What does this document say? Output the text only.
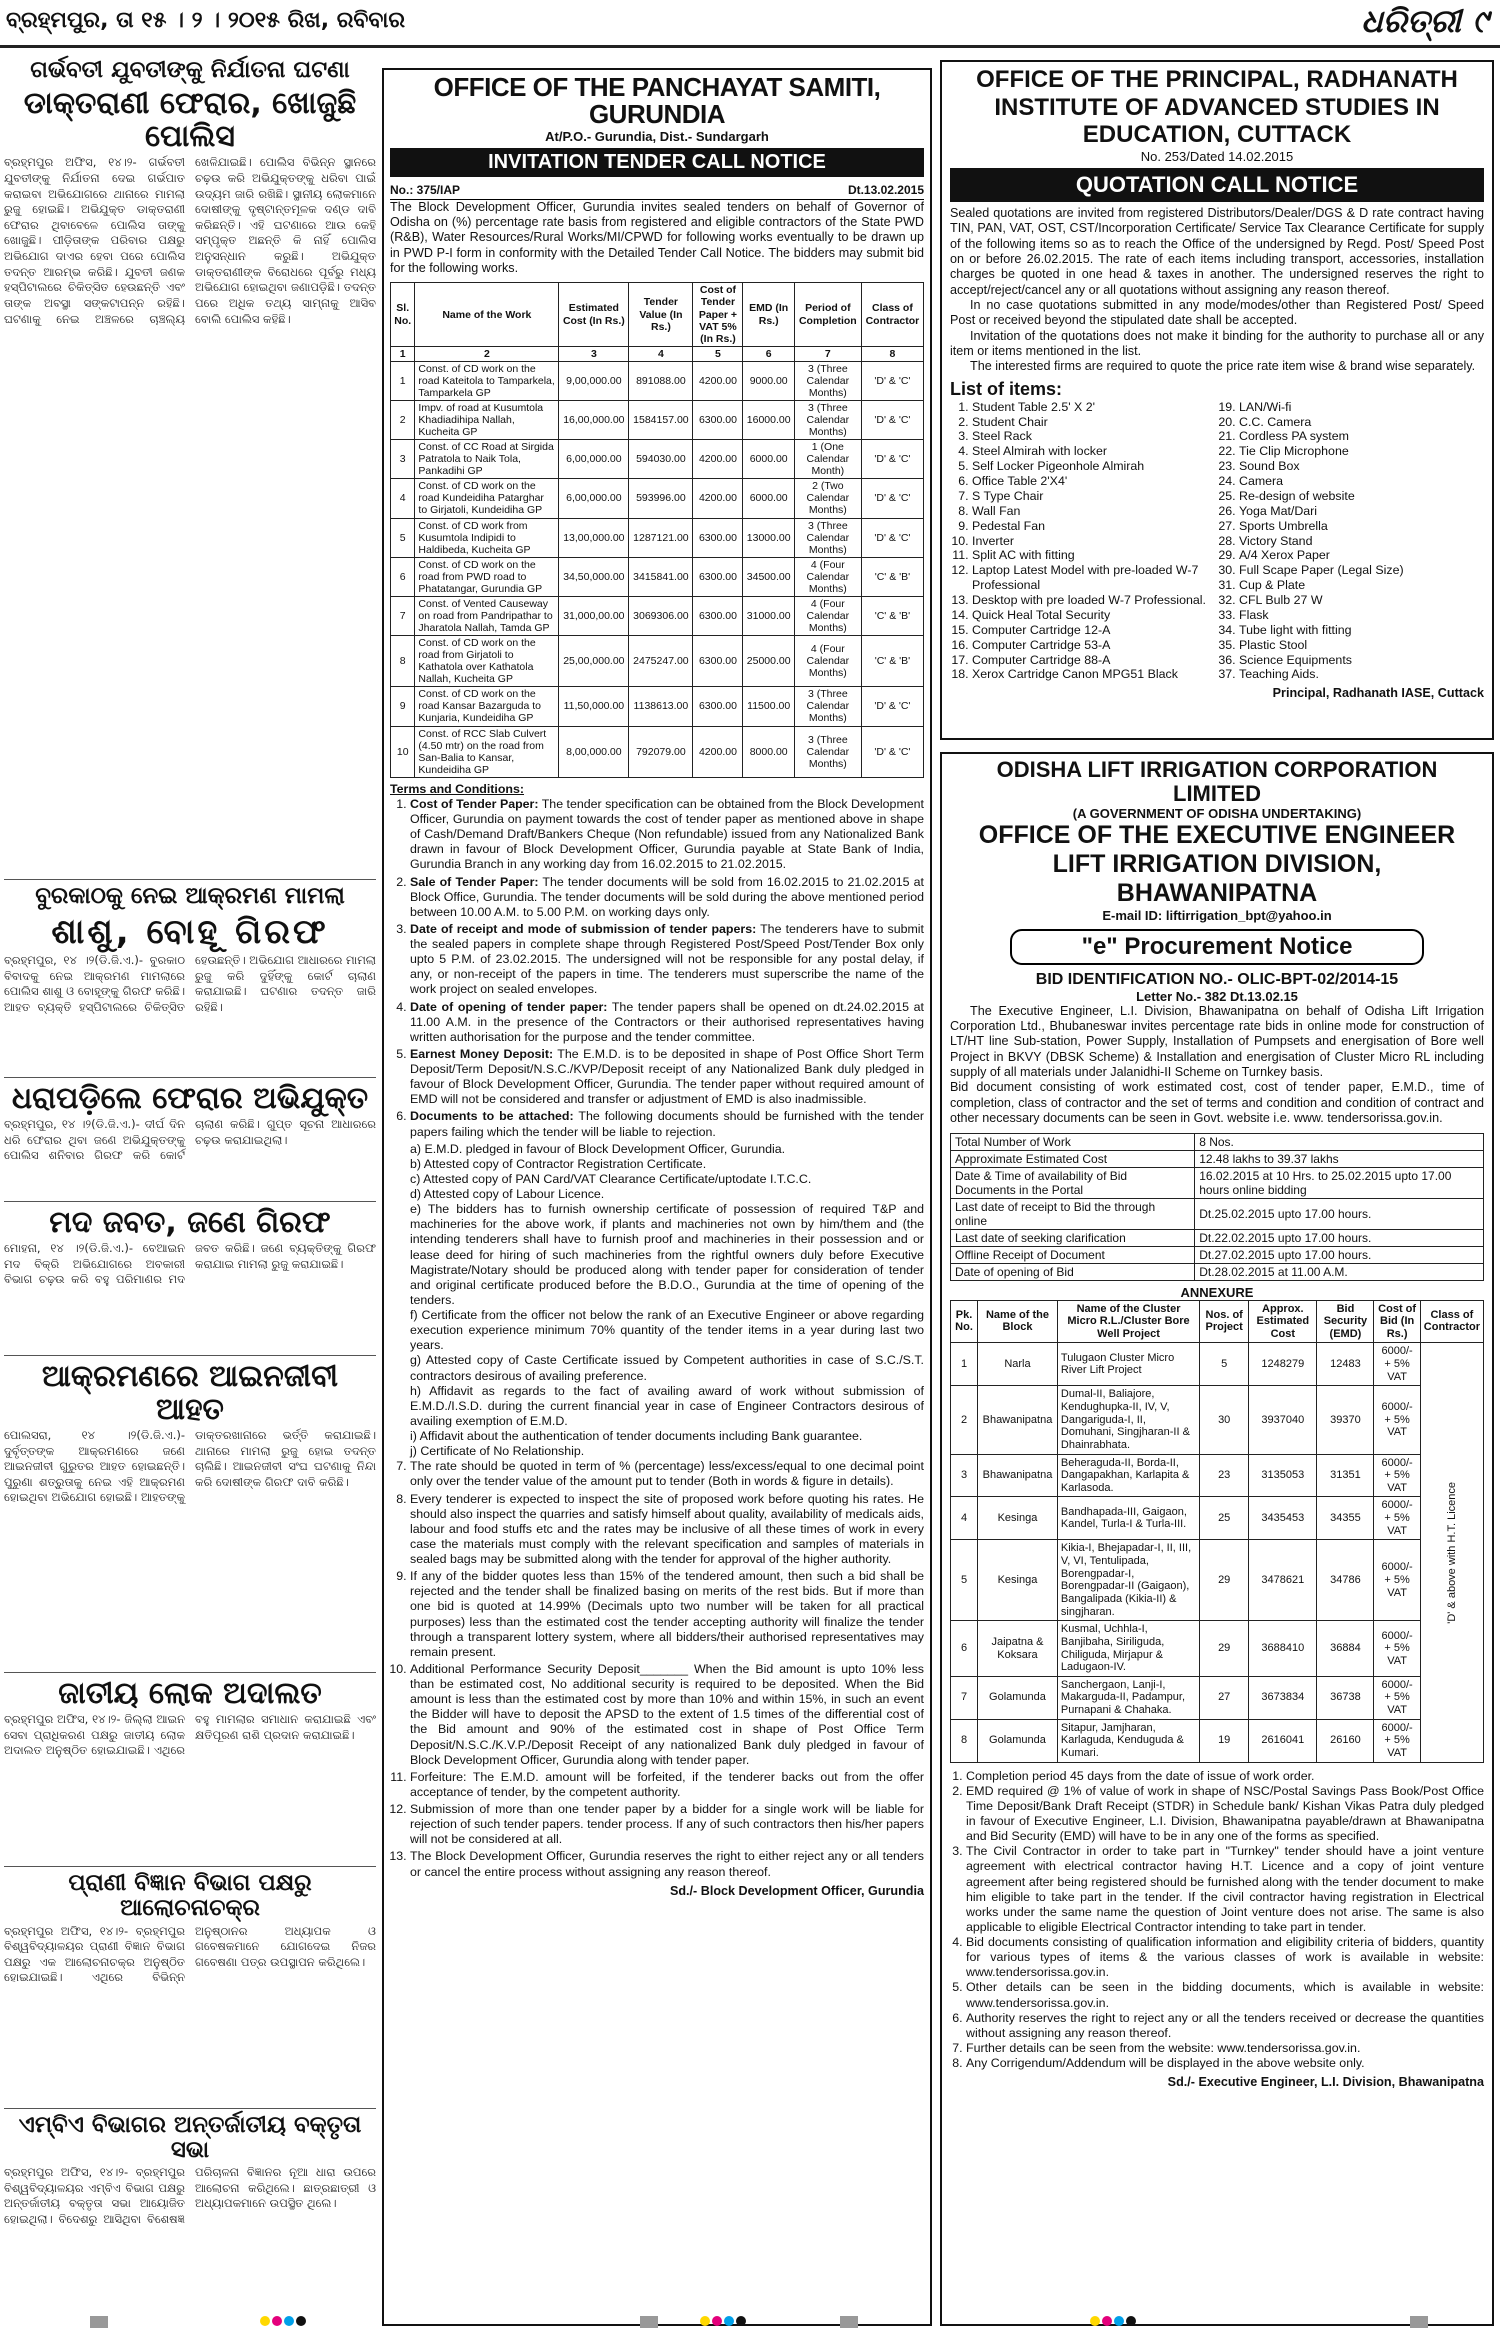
ବ୍ରହ୍ମପୁର, ତା ୧୫ । ୨ । ୨୦୧୫ ରିଖ, ରବିବାର	ଧରିତ୍ରୀ ୯
ଗର୍ଭବତୀ ଯୁବତୀଙ୍କୁ ନିର୍ଯାତନା ଘଟଣା
ଡାକ୍ତରାଣୀ ଫେରାର, ଖୋଜୁଛି ପୋଲିସ
ବ୍ରହ୍ମପୁର ଅଫିସ, ୧୪।୨- ଗର୍ଭବତୀ ଯୁବତୀଙ୍କୁ ନିର୍ଯାତନା ଦେଇ ଗର୍ଭପାତ କରାଇବା ଅଭିଯୋଗରେ ଥାନାରେ ମାମଲା ରୁଜୁ ହୋଇଛି। ଅଭିଯୁକ୍ତ ଡାକ୍ତରାଣୀ ଫେରାର ଥିବାବେଳେ ପୋଲିସ ତାଙ୍କୁ ଖୋଜୁଛି। ପୀଡ଼ିତାଙ୍କ ପରିବାର ପକ୍ଷରୁ ଅଭିଯୋଗ ଦାଏର ହେବା ପରେ ପୋଲିସ ତଦନ୍ତ ଆରମ୍ଭ କରିଛି। ଯୁବତୀ ଜଣକ ହସ୍ପିଟାଲରେ ଚିକିତ୍ସିତ ହେଉଛନ୍ତି ଏବଂ ତାଙ୍କ ଅବସ୍ଥା ସଙ୍କଟାପନ୍ନ ରହିଛି। ଘଟଣାକୁ ନେଇ ଅଞ୍ଚଳରେ ଚାଞ୍ଚଲ୍ୟ ଖେଳିଯାଇଛି। ପୋଲିସ ବିଭିନ୍ନ ସ୍ଥାନରେ ଚଢ଼ଉ କରି ଅଭିଯୁକ୍ତଙ୍କୁ ଧରିବା ପାଇଁ ଉଦ୍ୟମ ଜାରି ରଖିଛି। ସ୍ଥାନୀୟ ଲୋକମାନେ ଦୋଷୀଙ୍କୁ ଦୃଷ୍ଟାନ୍ତମୂଳକ ଦଣ୍ଡ ଦାବି କରିଛନ୍ତି। ଏହି ଘଟଣାରେ ଆଉ କେହି ସମ୍ପୃକ୍ତ ଅଛନ୍ତି କି ନାହିଁ ପୋଲିସ ଅନୁସନ୍ଧାନ କରୁଛି। ଅଭିଯୁକ୍ତ ଡାକ୍ତରାଣୀଙ୍କ ବିରୋଧରେ ପୂର୍ବରୁ ମଧ୍ୟ ଅଭିଯୋଗ ହୋଇଥିବା ଜଣାପଡ଼ିଛି। ତଦନ୍ତ ପରେ ଅଧିକ ତଥ୍ୟ ସାମ୍ନାକୁ ଆସିବ ବୋଲି ପୋଲିସ କହିଛି।
ବୁରକାଠକୁ ନେଇ ଆକ୍ରମଣ ମାମଲା
ଶାଶୁ, ବୋହୂ ଗିରଫ
ବ୍ରହ୍ମପୁର, ୧୪ ।୨(ଡି.ଜି.ଏ.)- ବୁରକାଠ ବିବାଦକୁ ନେଇ ଆକ୍ରମଣ ମାମଲାରେ ପୋଲିସ ଶାଶୁ ଓ ବୋହୂଙ୍କୁ ଗିରଫ କରିଛି। ଆହତ ବ୍ୟକ୍ତି ହସ୍ପିଟାଲରେ ଚିକିତ୍ସିତ ହେଉଛନ୍ତି। ଅଭିଯୋଗ ଆଧାରରେ ମାମଲା ରୁଜୁ କରି ଦୁହିଁଙ୍କୁ କୋର୍ଟ ଚାଲାଣ କରାଯାଇଛି। ଘଟଣାର ତଦନ୍ତ ଜାରି ରହିଛି।
ଧରାପଡ଼ିଲେ ଫେରାର ଅଭିଯୁକ୍ତ
ବ୍ରହ୍ମପୁର, ୧୪ ।୨(ଡି.ଜି.ଏ.)- ଦୀର୍ଘ ଦିନ ଧରି ଫେରାର ଥିବା ଜଣେ ଅଭିଯୁକ୍ତଙ୍କୁ ପୋଲିସ ଶନିବାର ଗିରଫ କରି କୋର୍ଟ ଚାଲାଣ କରିଛି। ଗୁପ୍ତ ସୂଚନା ଆଧାରରେ ଚଢ଼ଉ କରାଯାଇଥିଲା।
ମଦ ଜବତ, ଜଣେ ଗିରଫ
ମୋହନା, ୧୪ ।୨(ଡି.ଜି.ଏ.)- ବେଆଇନ ମଦ ବିକ୍ରି ଅଭିଯୋଗରେ ଅବକାରୀ ବିଭାଗ ଚଢ଼ଉ କରି ବହୁ ପରିମାଣର ମଦ ଜବତ କରିଛି। ଜଣେ ବ୍ୟକ୍ତିଙ୍କୁ ଗିରଫ କରାଯାଇ ମାମଲା ରୁଜୁ କରାଯାଇଛି।
ଆକ୍ରମଣରେ ଆଇନଜୀବୀ ଆହତ
ପୋଲସରା, ୧୪ ।୨(ଡି.ଜି.ଏ.)- ଦୁର୍ବୃତ୍ତଙ୍କ ଆକ୍ରମଣରେ ଜଣେ ଆଇନଜୀବୀ ଗୁରୁତର ଆହତ ହୋଇଛନ୍ତି। ପୁରୁଣା ଶତ୍ରୁତାକୁ ନେଇ ଏହି ଆକ୍ରମଣ ହୋଇଥିବା ଅଭିଯୋଗ ହୋଇଛି। ଆହତଙ୍କୁ ଡାକ୍ତରଖାନାରେ ଭର୍ତ୍ତି କରାଯାଇଛି। ଥାନାରେ ମାମଲା ରୁଜୁ ହୋଇ ତଦନ୍ତ ଚାଲିଛି। ଆଇନଜୀବୀ ସଂଘ ଘଟଣାକୁ ନିନ୍ଦା କରି ଦୋଷୀଙ୍କ ଗିରଫ ଦାବି କରିଛି।
ଜାତୀୟ ଲୋକ ଅଦାଲତ
ବ୍ରହ୍ମପୁର ଅଫିସ, ୧୪।୨- ଜିଲ୍ଲା ଆଇନ ସେବା ପ୍ରାଧିକରଣ ପକ୍ଷରୁ ଜାତୀୟ ଲୋକ ଅଦାଲତ ଅନୁଷ୍ଠିତ ହୋଇଯାଇଛି। ଏଥିରେ ବହୁ ମାମଲାର ସମାଧାନ କରାଯାଇଛି ଏବଂ କ୍ଷତିପୂରଣ ରାଶି ପ୍ରଦାନ କରାଯାଇଛି।
ପ୍ରାଣୀ ବିଜ୍ଞାନ ବିଭାଗ ପକ୍ଷରୁ ଆଲୋଚନାଚକ୍ର
ବ୍ରହ୍ମପୁର ଅଫିସ, ୧୪।୨- ବ୍ରହ୍ମପୁର ବିଶ୍ୱବିଦ୍ୟାଳୟର ପ୍ରାଣୀ ବିଜ୍ଞାନ ବିଭାଗ ପକ୍ଷରୁ ଏକ ଆଲୋଚନାଚକ୍ର ଅନୁଷ୍ଠିତ ହୋଇଯାଇଛି। ଏଥିରେ ବିଭିନ୍ନ ଅନୁଷ୍ଠାନର ଅଧ୍ୟାପକ ଓ ଗବେଷକମାନେ ଯୋଗଦେଇ ନିଜର ଗବେଷଣା ପତ୍ର ଉପସ୍ଥାପନ କରିଥିଲେ।
ଏମ୍‌ବିଏ ବିଭାଗର ଅନ୍ତର୍ଜାତୀୟ ବକ୍ତୃତା ସଭା
ବ୍ରହ୍ମପୁର ଅଫିସ, ୧୪।୨- ବ୍ରହ୍ମପୁର ବିଶ୍ୱବିଦ୍ୟାଳୟର ଏମ୍‌ବିଏ ବିଭାଗ ପକ୍ଷରୁ ଅନ୍ତର୍ଜାତୀୟ ବକ୍ତୃତା ସଭା ଆୟୋଜିତ ହୋଇଥିଲା। ବିଦେଶରୁ ଆସିଥିବା ବିଶେଷଜ୍ଞ ପରିଚାଳନା ବିଜ୍ଞାନର ନୂଆ ଧାରା ଉପରେ ଆଲୋଚନା କରିଥିଲେ। ଛାତ୍ରଛାତ୍ରୀ ଓ ଅଧ୍ୟାପକମାନେ ଉପସ୍ଥିତ ଥିଲେ।
OFFICE OF THE PANCHAYAT SAMITI, GURUNDIA
At/P.O.- Gurundia, Dist.- Sundargarh
INVITATION TENDER CALL NOTICE
No.: 375/IAP	Dt.13.02.2015
The Block Development Officer, Gurundia invites sealed tenders on behalf of Governor of Odisha on (%) percentage rate basis from registered and eligible contractors of the State PWD (R&B), Water Resources/Rural Works/MI/CPWD for following works eventually to be drawn up in PWD P-I form in conformity with the Detailed Tender Call Notice. The bidders may submit bid for the following works.
Sl. No.	Name of the Work	Estimated Cost (In Rs.)	Tender Value (In Rs.)	Cost of Tender Paper + VAT 5% (In Rs.)	EMD (In Rs.)	Period of Completion	Class of Contractor
1	2	3	4	5	6	7	8
1	Const. of CD work on the road Kateitola to Tamparkela, Tamparkela GP	9,00,000.00	891088.00	4200.00	9000.00	3 (Three Calendar Months)	'D' & 'C'
2	Impv. of road at Kusumtola Khadiadihipa Nallah, Kucheita GP	16,00,000.00	1584157.00	6300.00	16000.00	3 (Three Calendar Months)	'D' & 'C'
3	Const. of CC Road at Sirgida Patratola to Naik Tola, Pankadihi GP	6,00,000.00	594030.00	4200.00	6000.00	1 (One Calendar Month)	'D' & 'C'
4	Const. of CD work on the road Kundeidiha Patarghar to Girjatoli, Kundeidiha GP	6,00,000.00	593996.00	4200.00	6000.00	2 (Two Calendar Months)	'D' & 'C'
5	Const. of CD work from Kusumtola Indipidi to Haldibeda, Kucheita GP	13,00,000.00	1287121.00	6300.00	13000.00	3 (Three Calendar Months)	'D' & 'C'
6	Const. of CD work on the road from PWD road to Phatatangar, Gurundia GP	34,50,000.00	3415841.00	6300.00	34500.00	4 (Four Calendar Months)	'C' & 'B'
7	Const. of Vented Causeway on road from Pandripathar to Jharatola Nallah, Tamda GP	31,000,00.00	3069306.00	6300.00	31000.00	4 (Four Calendar Months)	'C' & 'B'
8	Const. of CD work on the road from Girjatoli to Kathatola over Kathatola Nallah, Kucheita GP	25,00,000.00	2475247.00	6300.00	25000.00	4 (Four Calendar Months)	'C' & 'B'
9	Const. of CD work on the road Kansar Bazarguda to Kunjaria, Kundeidiha GP	11,50,000.00	1138613.00	6300.00	11500.00	3 (Three Calendar Months)	'D' & 'C'
10	Const. of RCC Slab Culvert (4.50 mtr) on the road from San-Balia to Kansar, Kundeidiha GP	8,00,000.00	792079.00	4200.00	8000.00	3 (Three Calendar Months)	'D' & 'C'
Terms and Conditions:
1. Cost of Tender Paper: The tender specification can be obtained from the Block Development Officer, Gurundia on payment towards the cost of tender paper as mentioned above in shape of Cash/Demand Draft/Bankers Cheque (Non refundable) issued from any Nationalized Bank drawn in favour of Block Development Officer, Gurundia payable at State Bank of India, Gurundia Branch in any working day from 16.02.2015 to 21.02.2015.
2. Sale of Tender Paper: The tender documents will be sold from 16.02.2015 to 21.02.2015 at Block Office, Gurundia. The tender documents will be sold during the above mentioned period between 10.00 A.M. to 5.00 P.M. on working days only.
3. Date of receipt and mode of submission of tender papers: The tenderers have to submit the sealed papers in complete shape through Registered Post/Speed Post/Tender Box only upto 5 P.M. of 23.02.2015. The undersigned will not be responsible for any postal delay, if any, or non-receipt of the papers in time. The tenderers must superscribe the name of the work project on sealed envelopes.
4. Date of opening of tender paper: The tender papers shall be opened on dt.24.02.2015 at 11.00 A.M. in the presence of the Contractors or their authorised representatives having written authorisation for the purpose and the tender committee.
5. Earnest Money Deposit: The E.M.D. is to be deposited in shape of Post Office Short Term Deposit/Term Deposit/N.S.C./KVP/Deposit receipt of any Nationalized Bank duly pledged in favour of Block Development Officer, Gurundia. The tender paper without required amount of EMD will not be considered and transfer or adjustment of EMD is also inadmissible.
6. Documents to be attached: The following documents should be furnished with the tender papers failing which the tender will be liable to rejection.
a) E.M.D. pledged in favour of Block Development Officer, Gurundia.
b) Attested copy of Contractor Registration Certificate.
c) Attested copy of PAN Card/VAT Clearance Certificate/uptodate I.T.C.C.
d) Attested copy of Labour Licence.
e) The bidders has to furnish ownership certificate of possession of required T&P and machineries for the above work, if plants and machineries not own by him/them and (the intending tenderers shall have to furnish proof and machineries in their possession and or lease deed for hiring of such machineries from the rightful owners duly before Executive Magistrate/Notary should be produced along with tender paper for consideration of tender and original certificate produced before the B.D.O., Gurundia at the time of opening of the tenders.
f) Certificate from the officer not below the rank of an Executive Engineer or above regarding execution experience minimum 70% quantity of the tender items in a year during last two years.
g) Attested copy of Caste Certificate issued by Competent authorities in case of S.C./S.T. contractors desirous of availing preference.
h) Affidavit as regards to the fact of availing award of work without submission of E.M.D./I.S.D. during the current financial year in case of Engineer Contractors desirous of availing exemption of E.M.D.
i) Affidavit about the authentication of tender documents including Bank guarantee.
j) Certificate of No Relationship.
7. The rate should be quoted in term of % (percentage) less/excess/equal to one decimal point only over the tender value of the amount put to tender (Both in words & figure in details).
8. Every tenderer is expected to inspect the site of proposed work before quoting his rates. He should also inspect the quarries and satisfy himself about quality, availability of medicals aids, labour and food stuffs etc and the rates may be inclusive of all these times of work in every case the materials must comply with the relevant specification and samples of materials in sealed bags may be submitted along with the tender for approval of the higher authority.
9. If any of the bidder quotes less than 15% of the tendered amount, then such a bid shall be rejected and the tender shall be finalized basing on merits of the rest bids. But if more than one bid is quoted at 14.99% (Decimals upto two number will be taken for all practical purposes) less than the estimated cost the tender accepting authority will finalize the tender through a transparent lottery system, where all bidders/their authorised representatives may remain present.
10. Additional Performance Security Deposit_______ When the Bid amount is upto 10% less than be estimated cost, No additional security is required to be deposited. When the Bid amount is less than the estimated cost by more than 10% and within 15%, in such an event the Bidder will have to deposit the APSD to the extent of 1.5 times of the differential cost of the Bid amount and 90% of the estimated cost in shape of Post Office Term Deposit/N.S.C./K.V.P./Deposit Receipt of any nationalized Bank duly pledged in favour of Block Development Officer, Gurundia along with tender paper.
11. Forfeiture: The E.M.D. amount will be forfeited, if the tenderer backs out from the offer acceptance of tender, by the competent authority.
12. Submission of more than one tender paper by a bidder for a single work will be liable for rejection of such tender papers. tender process. If any of such contractors then his/her papers will not be considered at all.
13. The Block Development Officer, Gurundia reserves the right to either reject any or all tenders or cancel the entire process without assigning any reason thereof.
Sd./- Block Development Officer, Gurundia
OFFICE OF THE PRINCIPAL, RADHANATH INSTITUTE OF ADVANCED STUDIES IN EDUCATION, CUTTACK
No. 253/Dated 14.02.2015
QUOTATION CALL NOTICE
Sealed quotations are invited from registered Distributors/Dealer/DGS & D rate contract having TIN, PAN, VAT, OST, CST/Incorporation Certificate/ Service Tax Clearance Certificate for supply of the following items so as to reach the Office of the undersigned by Regd. Post/ Speed Post on or before 26.02.2015. The rate of each items including transport, accessories, installation charges be quoted in one head & taxes in another. The undersigned reserves the right to accept/reject/cancel any or all quotations without assigning any reason thereof.
In no case quotations submitted in any mode/modes/other than Registered Post/ Speed Post or received beyond the stipulated date shall be accepted.
Invitation of the quotations does not make it binding for the authority to purchase all or any item or items mentioned in the list.
The interested firms are required to quote the price rate item wise & brand wise separately.
List of items:
1. Student Table 2.5' X 2'
2. Student Chair
3. Steel Rack
4. Steel Almirah with locker
5. Self Locker Pigeonhole Almirah
6. Office Table 2'X4'
7. S Type Chair
8. Wall Fan
9. Pedestal Fan
10. Inverter
11. Split AC with fitting
12. Laptop Latest Model with pre-loaded W-7 Professional
13. Desktop with pre loaded W-7 Professional.
14. Quick Heal Total Security
15. Computer Cartridge 12-A
16. Computer Cartridge 53-A
17. Computer Cartridge 88-A
18. Xerox Cartridge Canon MPG51 Black
19. LAN/Wi-fi
20. C.C. Camera
21. Cordless PA system
22. Tie Clip Microphone
23. Sound Box
24. Camera
25. Re-design of website
26. Yoga Mat/Dari
27. Sports Umbrella
28. Victory Stand
29. A/4 Xerox Paper
30. Full Scape Paper (Legal Size)
31. Cup & Plate
32. CFL Bulb 27 W
33. Flask
34. Tube light with fitting
35. Plastic Stool
36. Science Equipments
37. Teaching Aids.
Principal, Radhanath IASE, Cuttack
ODISHA LIFT IRRIGATION CORPORATION LIMITED
(A GOVERNMENT OF ODISHA UNDERTAKING)
OFFICE OF THE EXECUTIVE ENGINEER
LIFT IRRIGATION DIVISION, BHAWANIPATNA
E-mail ID: liftirrigation_bpt@yahoo.in
"e" Procurement Notice
BID IDENTIFICATION NO.- OLIC-BPT-02/2014-15
Letter No.- 382 Dt.13.02.15
The Executive Engineer, L.I. Division, Bhawanipatna on behalf of Odisha Lift Irrigation Corporation Ltd., Bhubaneswar invites percentage rate bids in online mode for construction of LT/HT line Sub-station, Power Supply, Installation of Pumpsets and energisation of Bore well Project in BKVY (DBSK Scheme) & Installation and energisation of Cluster Micro RL including supply of all materials under Jalanidhi-II Scheme on Turnkey basis.
Bid document consisting of work estimated cost, cost of tender paper, E.M.D., time of completion, class of contractor and the set of terms and condition and condition of contract and other necessary documents can be seen in Govt. website i.e. www. tendersorissa.gov.in.
Total Number of Work	8 Nos.
Approximate Estimated Cost	12.48 lakhs to 39.37 lakhs
Date & Time of availability of Bid Documents in the Portal	16.02.2015 at 10 Hrs. to 25.02.2015 upto 17.00 hours online bidding
Last date of receipt to Bid the through online	Dt.25.02.2015 upto 17.00 hours.
Last date of seeking clarification	Dt.22.02.2015 upto 17.00 hours.
Offline Receipt of Document	Dt.27.02.2015 upto 17.00 hours.
Date of opening of Bid	Dt.28.02.2015 at 11.00 A.M.
ANNEXURE
Pk. No.	Name of the Block	Name of the Cluster Micro R.L./Cluster Bore Well Project	Nos. of Project	Approx. Estimated Cost	Bid Security (EMD)	Cost of Bid (In Rs.)	Class of Contractor
1	Narla	Tulugaon Cluster Micro River Lift Project	5	1248279	12483	6000/- + 5% VAT	'D' & above with H.T. Licence

2	Bhawanipatna	Dumal-II, Baliajore, Kendughupka-II, IV, V, Dangariguda-I, II, Domuhani, Singjharan-II & Dhainrabhata.	30	3937040	39370	6000/- + 5% VAT	
3	Bhawanipatna	Beheraguda-II, Borda-II, Dangapakhan, Karlapita & Karlasoda.	23	3135053	31351	6000/- + 5% VAT	
4	Kesinga	Bandhapada-III, Gaigaon, Kandel, Turla-I & Turla-III.	25	3435453	34355	6000/- + 5% VAT	
5	Kesinga	Kikia-I, Bhejapadar-I, II, III, V, VI, Tentulipada, Borengpadar-I, Borengpadar-II (Gaigaon), Bangalipada (Kikia-II) & singjharan.	29	3478621	34786	6000/- + 5% VAT	
6	Jaipatna & Koksara	Kusmal, Uchhla-I, Banjibaha, Siriliguda, Chiliguda, Mirjapur & Ladugaon-IV.	29	3688410	36884	6000/- + 5% VAT	
7	Golamunda	Sanchergaon, Lanji-I, Makarguda-II, Padampur, Purnapani & Chahaka.	27	3673834	36738	6000/- + 5% VAT	
8	Golamunda	Sitapur, Jamjharan, Karlaguda, Kenduguda & Kumari.	19	2616041	26160	6000/- + 5% VAT	
1. Completion period 45 days from the date of issue of work order.
2. EMD required @ 1% of value of work in shape of NSC/Postal Savings Pass Book/Post Office Time Deposit/Bank Draft Receipt (STDR) in Schedule bank/ Kishan Vikas Patra duly pledged in favour of Executive Engineer, L.I. Division, Bhawanipatna payable/drawn at Bhawanipatna and Bid Security (EMD) will have to be in any one of the forms as specified.
3. The Civil Contractor in order to take part in "Turnkey" tender should have a joint venture agreement with electrical contractor having H.T. Licence and a copy of joint venture agreement after being registered should be furnished along with the tender document to make him eligible to take part in the tender. If the civil contractor having registration in Electrical works under the same name the question of Joint venture does not arise. The same is also applicable to eligible Electrical Contractor intending to take part in tender.
4. Bid documents consisting of qualification information and eligibility criteria of bidders, quantity for various types of items & the various classes of work is available in website: www.tendersorissa.gov.in.
5. Other details can be seen in the bidding documents, which is available in website: www.tendersorissa.gov.in.
6. Authority reserves the right to reject any or all the tenders received or decrease the quantities without assigning any reason thereof.
7. Further details can be seen from the website: www.tendersorissa.gov.in.
8. Any Corrigendum/Addendum will be displayed in the above website only.
Sd./- Executive Engineer, L.I. Division, Bhawanipatna
